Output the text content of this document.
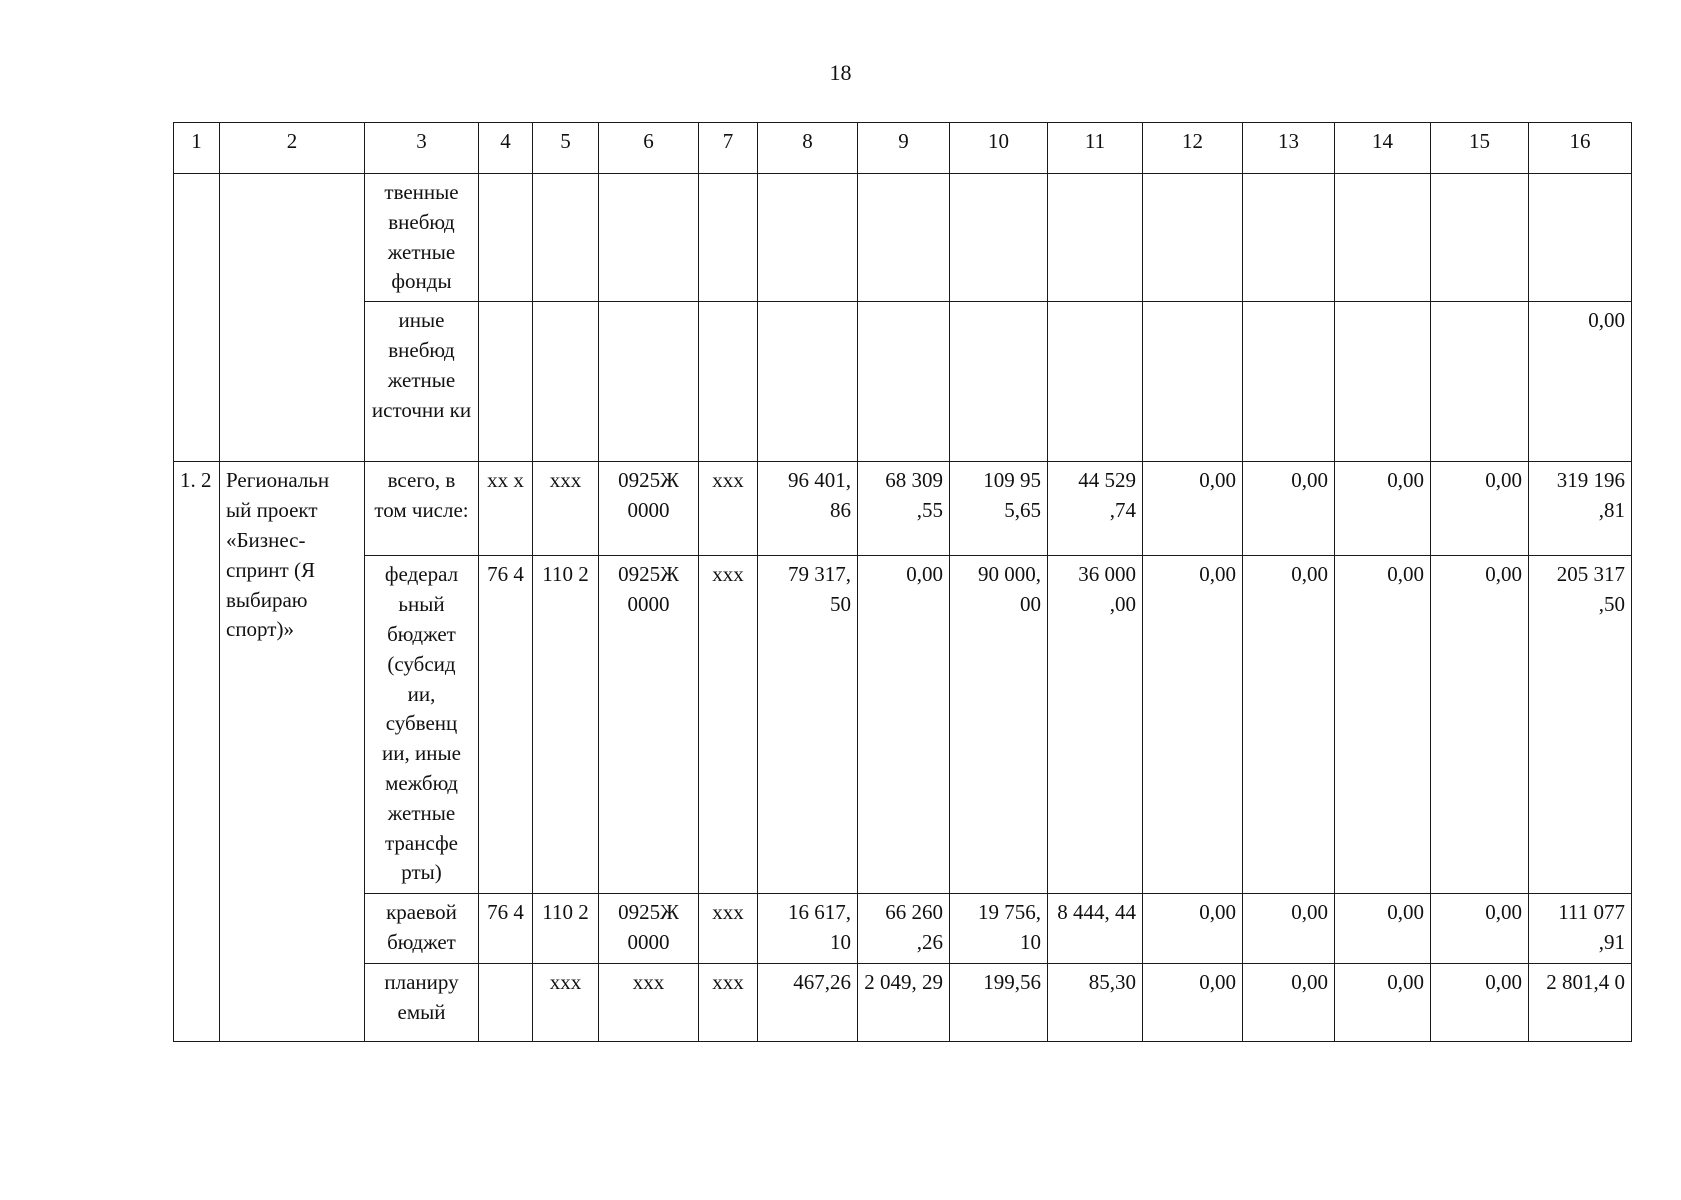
18
1	2	3	4	5	6	7	8	9	10	11	12	13	14	15	16
		твенные внебюд жетные фонды													
		иные внебюд жетные источни ки													0,00
1. 2	Региональн ый проект «Бизнес-спринт (Я выбираю спорт)»	всего, в том числе:	хх х	ххх	0925Ж 0000	ххх	96 401, 86	68 309 ,55	109 95 5,65	44 529 ,74	0,00	0,00	0,00	0,00	319 196 ,81
		федерал ьный бюджет (субсид ии, субвенц ии, иные межбюд жетные трансфе рты)	76 4	110 2	0925Ж 0000	ххх	79 317, 50	0,00	90 000, 00	36 000 ,00	0,00	0,00	0,00	0,00	205 317 ,50
		краевой бюджет	76 4	110 2	0925Ж 0000	ххх	16 617, 10	66 260 ,26	19 756, 10	8 444, 44	0,00	0,00	0,00	0,00	111 077 ,91
		планиру емый		ххх	ххх	ххх	467,26	2 049, 29	199,56	85,30	0,00	0,00	0,00	0,00	2 801,4 0
